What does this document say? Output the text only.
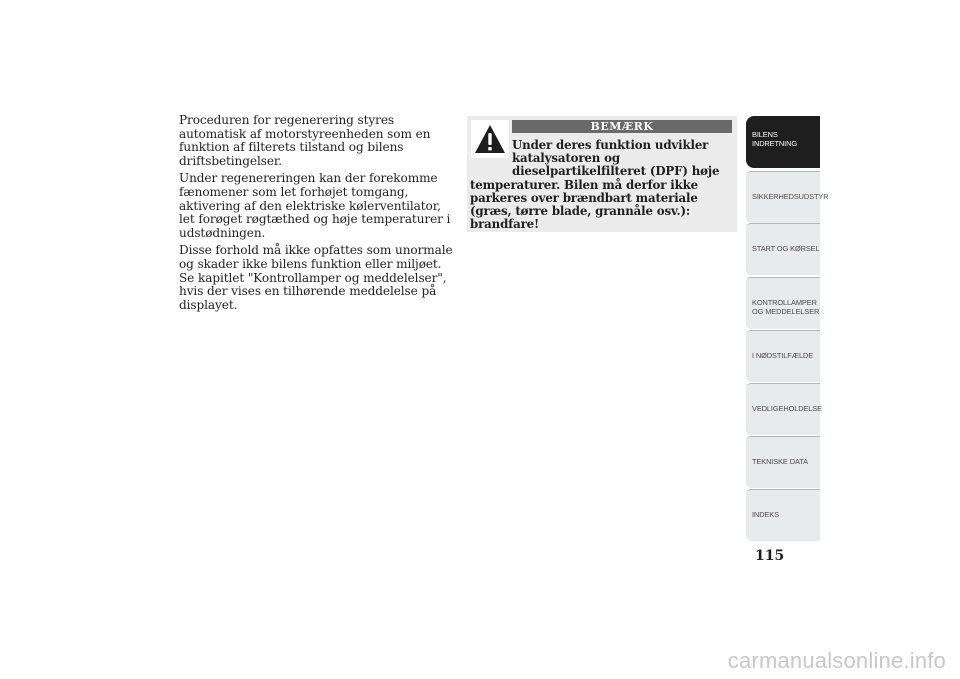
Proceduren for regenerering styres automatisk af motorstyreenheden som en funktion af filterets tilstand og bilens driftsbetingelser.

Under regenereringen kan der forekomme fænomener som let forhøjet tomgang, aktivering af den elektriske kølerventilator, let forøget røgtæthed og høje temperaturer i udstødningen.

Disse forhold må ikke opfattes som unormale og skader ikke bilens funktion eller miljøet. Se kapitlet "Kontrollamper og meddelelser", hvis der vises en tilhørende meddelelse på displayet.

BEMÆRK
Under deres funktion udvikler katalysatoren og dieselpartikelfilteret (DPF) høje temperaturer. Bilen må derfor ikke parkeres over brændbart materiale (græs, tørre blade, grannåle osv.): brandfare!
BILENS
INDRETNING
SIKKERHEDSUDSTYR
START OG KØRSEL
KONTROLLAMPER
OG MEDDELELSER
I NØDSTILFÆLDE
VEDLIGEHOLDELSE
TEKNISKE DATA
INDEKS
115
carmanualsonline.info
